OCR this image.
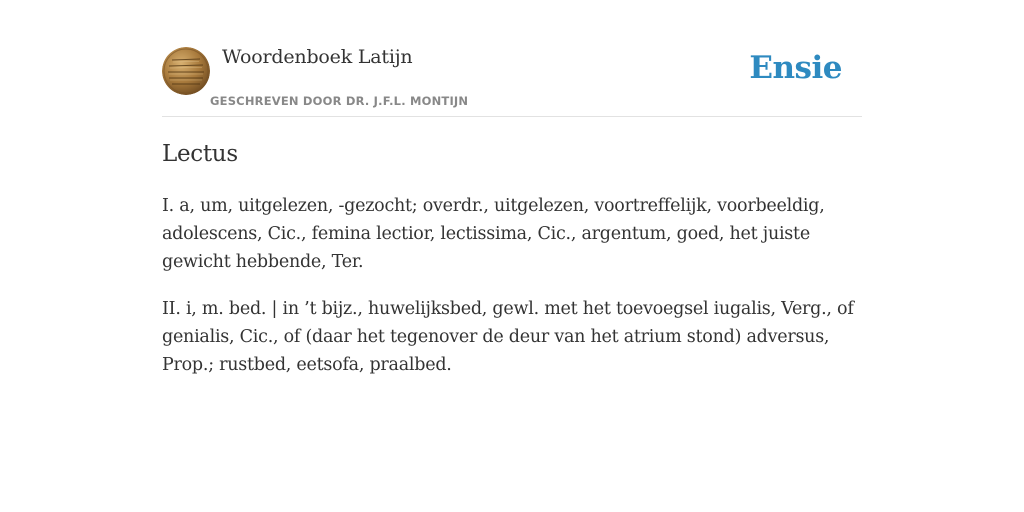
Woordenboek Latijn
GESCHREVEN DOOR DR. J.F.L. MONTIJN
Ensie
Lectus

I. a, um, uitgelezen, -gezocht; overdr., uitgelezen, voortreffelijk, voorbeeldig, adolescens, Cic., femina lectior, lectissima, Cic., argentum, goed, het juiste gewicht hebbende, Ter.

II. i, m. bed. | in ’t bijz., huwelijksbed, gewl. met het toevoegsel iugalis, Verg., of genialis, Cic., of (daar het tegenover de deur van het atrium stond) adversus, Prop.; rustbed, eetsofa, praalbed.
